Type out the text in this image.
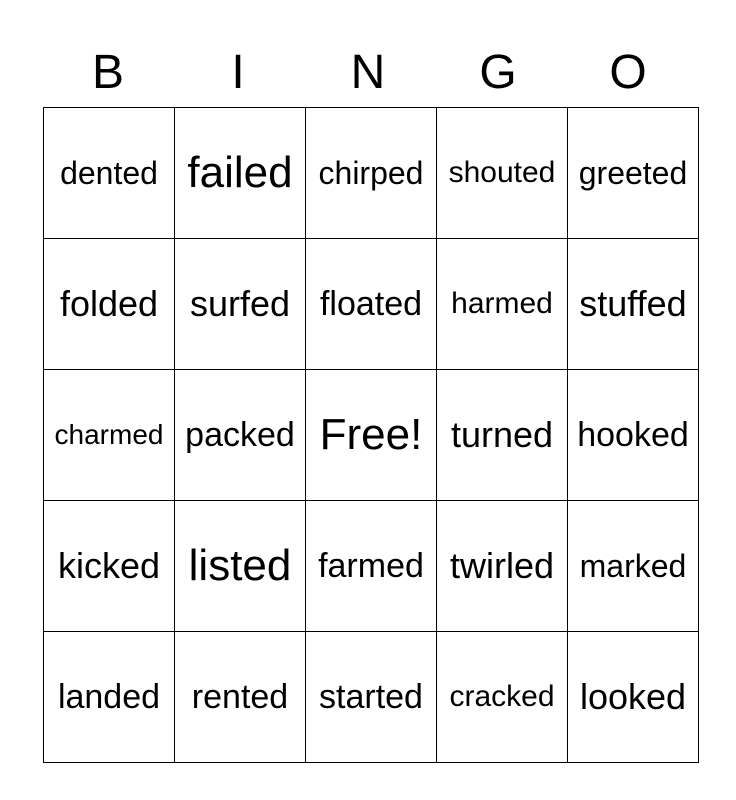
B	I	N	G	O
dented	failed	chirped	shouted	greeted
folded	surfed	floated	harmed	stuffed
charmed	packed	Free!	turned	hooked
kicked	listed	farmed	twirled	marked
landed	rented	started	cracked	looked
